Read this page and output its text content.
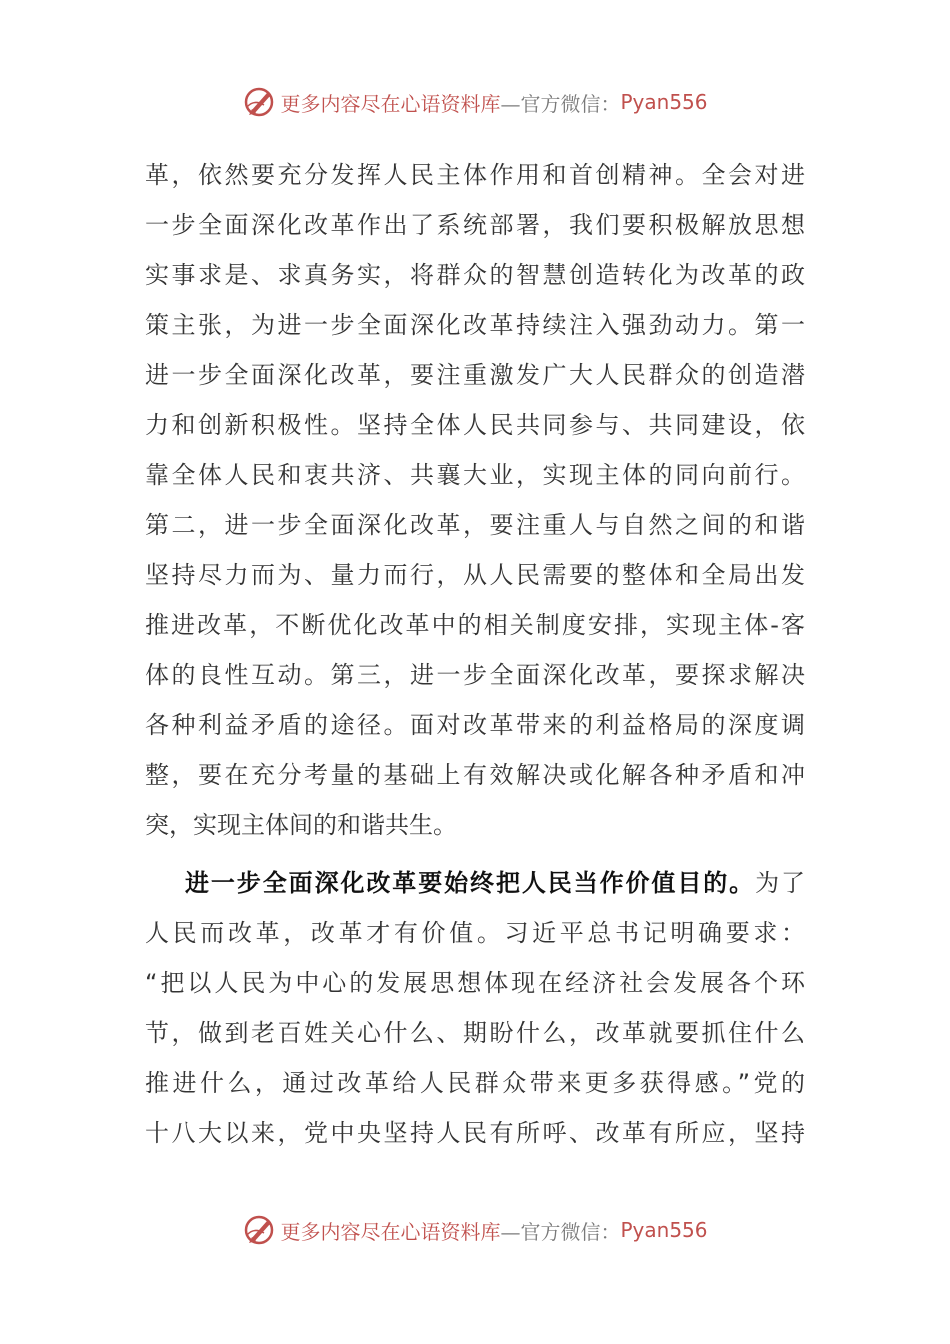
更多内容尽在心语资料库 —官方微信： Pyan556
革，依然要充分发挥人民主体作用和首创精神。全会对进
一步全面深化改革作出了系统部署，我们要积极解放思想
实事求是、求真务实，将群众的智慧创造转化为改革的政
策主张，为进一步全面深化改革持续注入强劲动力。第一
进一步全面深化改革，要注重激发广大人民群众的创造潜
力和创新积极性。坚持全体人民共同参与、共同建设，依
靠全体人民和衷共济、共襄大业，实现主体的同向前行。
第二，进一步全面深化改革，要注重人与自然之间的和谐
坚持尽力而为、量力而行，从人民需要的整体和全局出发
推进改革，不断优化改革中的相关制度安排，实现主体-客
体的良性互动。第三，进一步全面深化改革，要探求解决
各种利益矛盾的途径。面对改革带来的利益格局的深度调
整，要在充分考量的基础上有效解决或化解各种矛盾和冲
突，实现主体间的和谐共生。
进一步全面深化改革要始终把人民当作价值目的。为了
人民而改革，改革才有价值。习近平总书记明确要求：
“把以人民为中心的发展思想体现在经济社会发展各个环
节，做到老百姓关心什么、期盼什么，改革就要抓住什么
推进什么，通过改革给人民群众带来更多获得感。”党的
十八大以来，党中央坚持人民有所呼、改革有所应，坚持
更多内容尽在心语资料库 —官方微信： Pyan556
